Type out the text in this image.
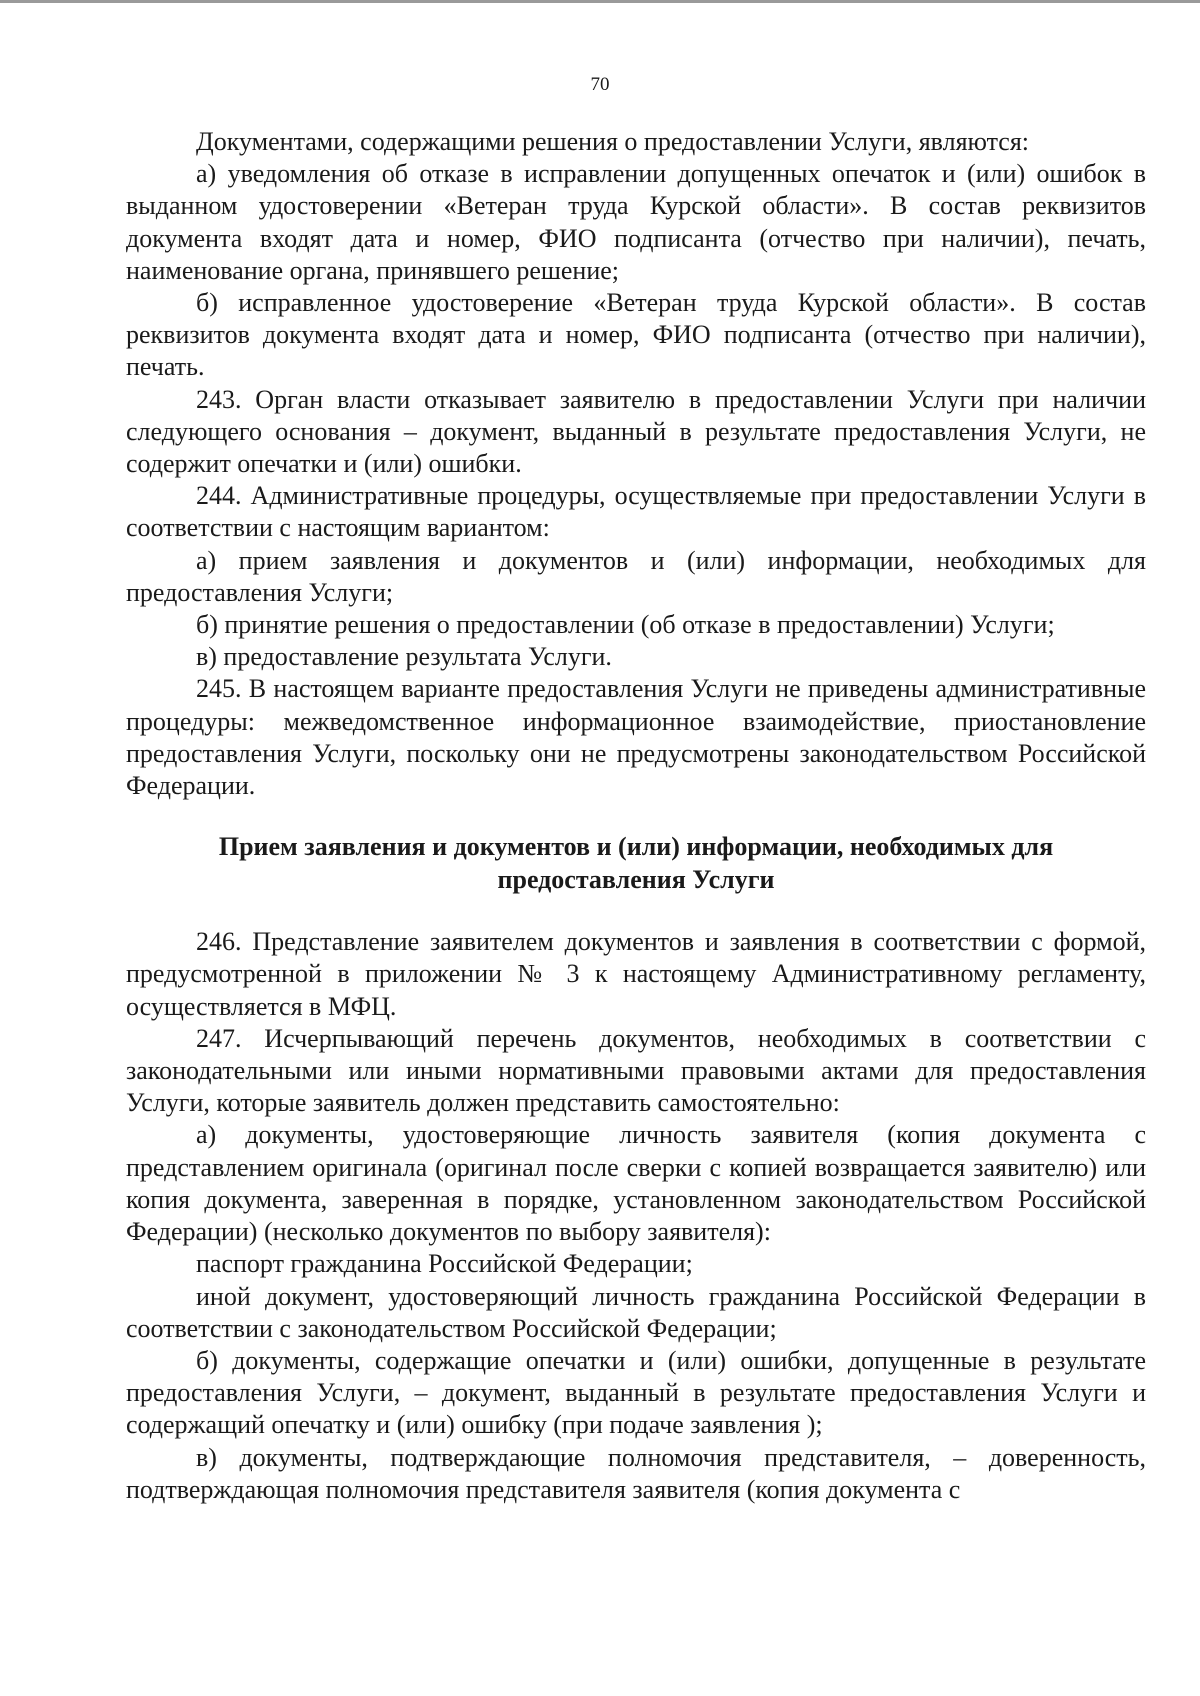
70

Документами, содержащими решения о предоставлении Услуги, являются:

а) уведомления об отказе в исправлении допущенных опечаток и (или) ошибок в выданном удостоверении «Ветеран труда Курской области». В состав реквизитов документа входят дата и номер, ФИО подписанта (отчество при наличии), печать, наименование органа, принявшего решение;

б) исправленное удостоверение «Ветеран труда Курской области». В состав реквизитов документа входят дата и номер, ФИО подписанта (отчество при наличии), печать.

243. Орган власти отказывает заявителю в предоставлении Услуги при наличии следующего основания – документ, выданный в результате предоставления Услуги, не содержит опечатки и (или) ошибки.

244. Административные процедуры, осуществляемые при предоставлении Услуги в соответствии с настоящим вариантом:

а) прием заявления и документов и (или) информации, необходимых для предоставления Услуги;

б) принятие решения о предоставлении (об отказе в предоставлении) Услуги;

в) предоставление результата Услуги.

245. В настоящем варианте предоставления Услуги не приведены административные процедуры: межведомственное информационное взаимодействие, приостановление предоставления Услуги, поскольку они не предусмотрены законодательством Российской Федерации.

Прием заявления и документов и (или) информации, необходимых для предоставления Услуги

246. Представление заявителем документов и заявления в соответствии с формой, предусмотренной в приложении № 3 к настоящему Административному регламенту, осуществляется в МФЦ.

247. Исчерпывающий перечень документов, необходимых в соответствии с законодательными или иными нормативными правовыми актами для предоставления Услуги, которые заявитель должен представить самостоятельно:

а) документы, удостоверяющие личность заявителя (копия документа с представлением оригинала (оригинал после сверки с копией возвращается заявителю) или копия документа, заверенная в порядке, установленном законодательством Российской Федерации) (несколько документов по выбору заявителя):

паспорт гражданина Российской Федерации;

иной документ, удостоверяющий личность гражданина Российской Федерации в соответствии с законодательством Российской Федерации;

б) документы, содержащие опечатки и (или) ошибки, допущенные в результате предоставления Услуги, – документ, выданный в результате предоставления Услуги и содержащий опечатку и (или) ошибку (при подаче заявления );

в) документы, подтверждающие полномочия представителя, – доверенность, подтверждающая полномочия представителя заявителя (копия документа с
